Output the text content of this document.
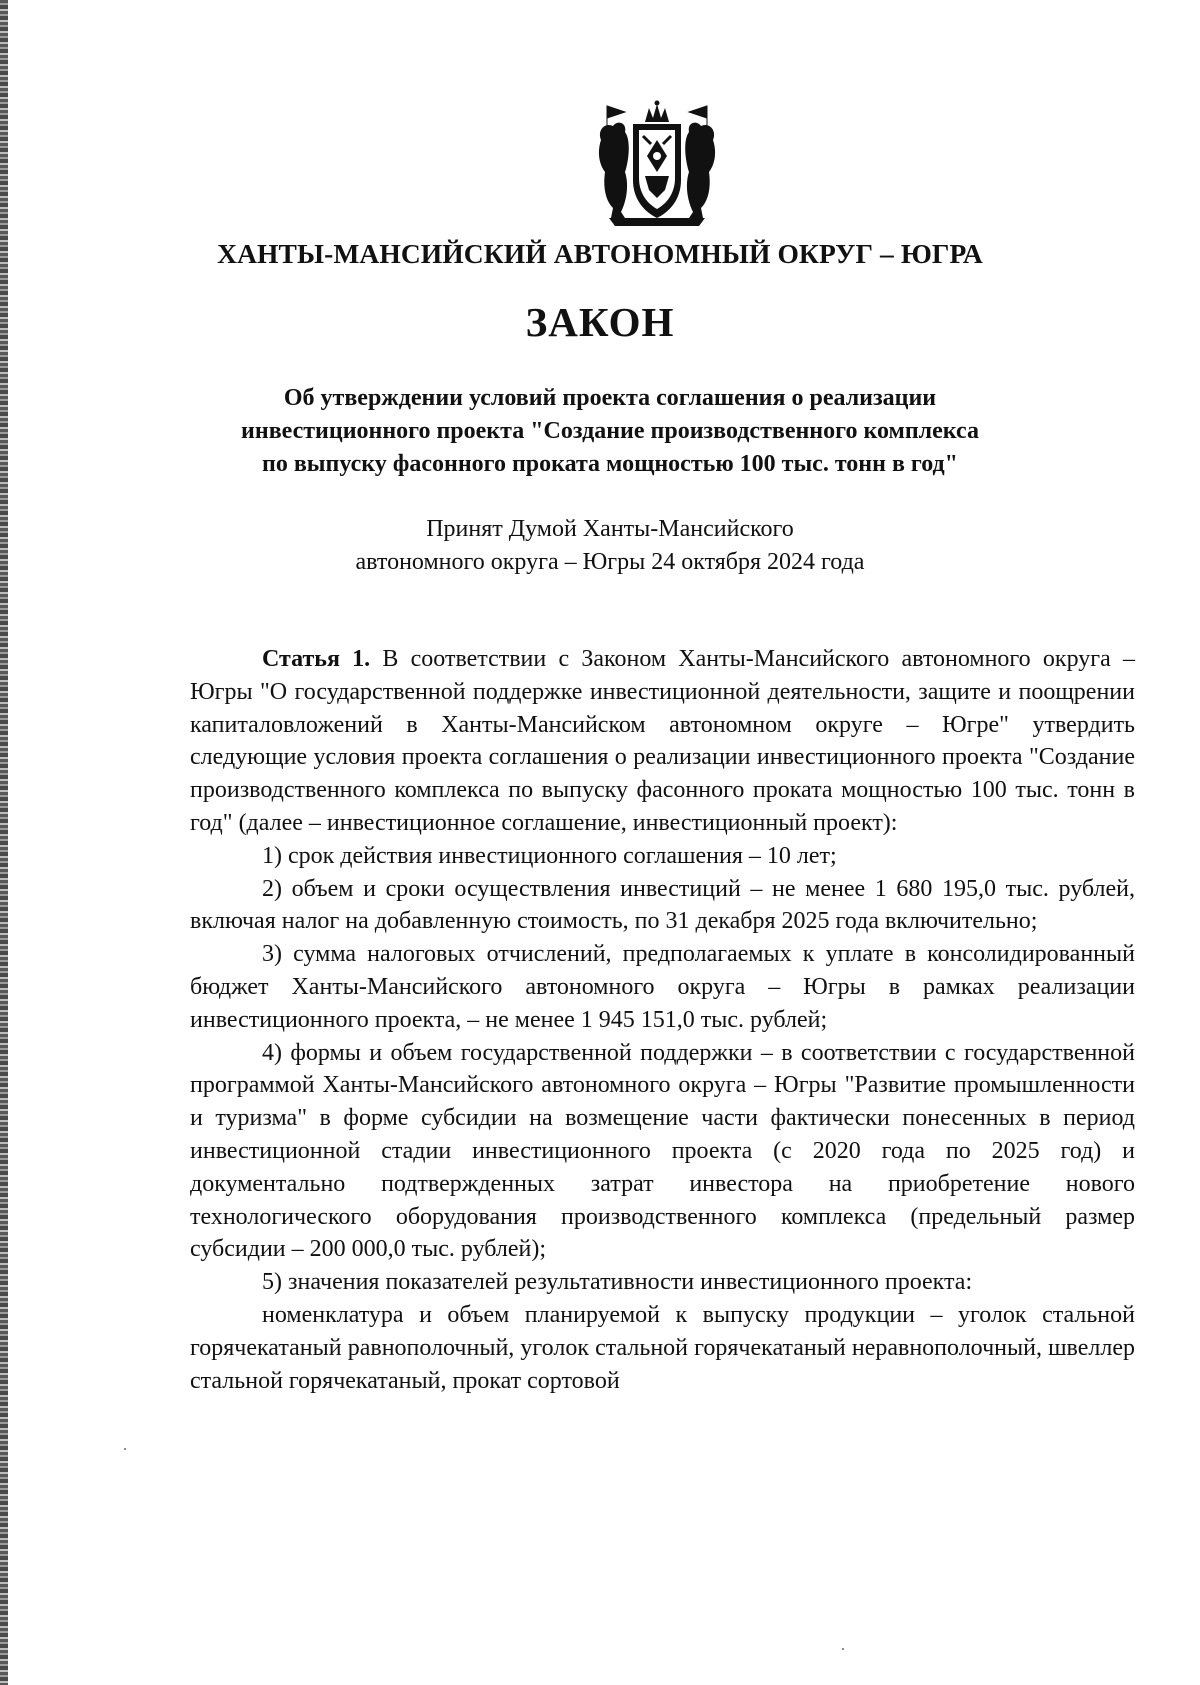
ХАНТЫ-МАНСИЙСКИЙ АВТОНОМНЫЙ ОКРУГ – ЮГРА
ЗАКОН
Об утверждении условий проекта соглашения о реализации
инвестиционного проекта "Создание производственного комплекса
по выпуску фасонного проката мощностью 100 тыс. тонн в год"
Принят Думой Ханты-Мансийского
автономного округа – Югры 24 октября 2024 года

Статья 1. В соответствии с Законом Ханты-Мансийского автономного округа – Югры "О государственной поддержке инвестиционной деятельности, защите и поощрении капиталовложений в Ханты-Мансийском автономном округе – Югре" утвердить следующие условия проекта соглашения о реализации инвестиционного проекта "Создание производственного комплекса по выпуску фасонного проката мощностью 100 тыс. тонн в год" (далее – инвестиционное соглашение, инвестиционный проект):

1) срок действия инвестиционного соглашения – 10 лет;

2) объем и сроки осуществления инвестиций – не менее 1 680 195,0 тыс. рублей, включая налог на добавленную стоимость, по 31 декабря 2025 года включительно;

3) сумма налоговых отчислений, предполагаемых к уплате в консолидированный бюджет Ханты-Мансийского автономного округа – Югры в рамках реализации инвестиционного проекта, – не менее 1 945 151,0 тыс. рублей;

4) формы и объем государственной поддержки – в соответствии с государственной программой Ханты-Мансийского автономного округа – Югры "Развитие промышленности и туризма" в форме субсидии на возмещение части фактически понесенных в период инвестиционной стадии инвестиционного проекта (с 2020 года по 2025 год) и документально подтвержденных затрат инвестора на приобретение нового технологического оборудования производственного комплекса (предельный размер субсидии – 200 000,0 тыс. рублей);

5) значения показателей результативности инвестиционного проекта:

номенклатура и объем планируемой к выпуску продукции – уголок стальной горячекатаный равнополочный, уголок стальной горячекатаный неравнополочный, швеллер стальной горячекатаный, прокат сортовой
